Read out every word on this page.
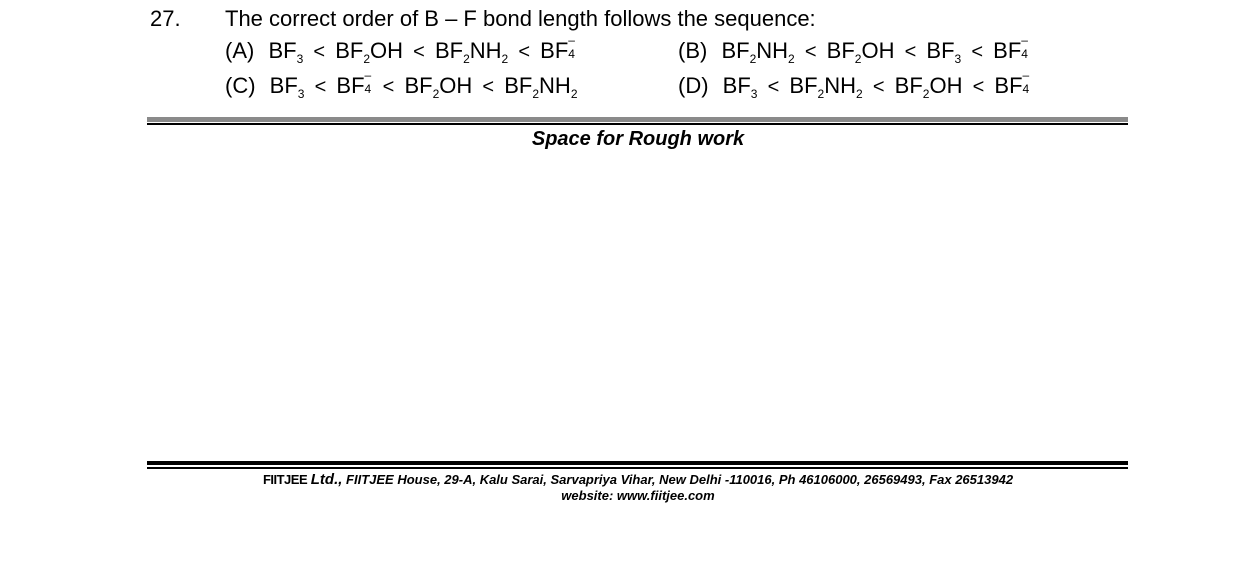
27. The correct order of B – F bond length follows the sequence:
(A) $BF_3 < BF_2OH < BF_2NH_2$ < BF –
4	(B) $BF_2NH_2 < BF_2OH < BF_3$ < BF –
4
(C) $BF_3$ < BF –
$4 < BF_2OH < BF_2NH_2$	(D) $BF_3 < BF_2NH_2 < BF_2OH$ < BF –
4
Space for Rough work
FIITJEE Ltd., FIITJEE House, 29-A, Kalu Sarai, Sarvapriya Vihar, New Delhi -110016, Ph 46106000, 26569493, Fax 26513942
website: www.fiitjee.com
